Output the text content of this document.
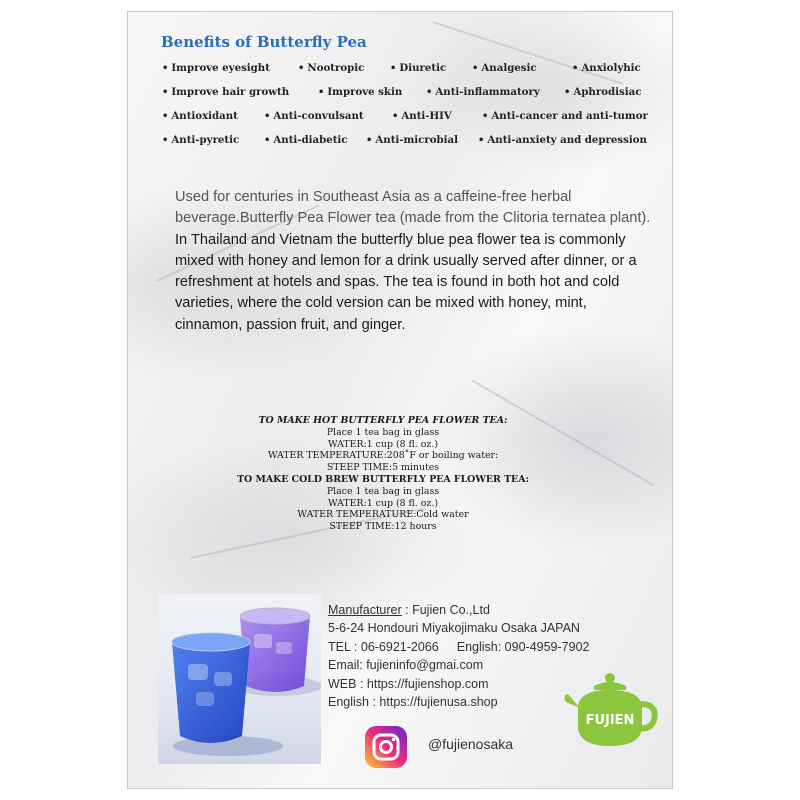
Benefits of Butterfly Pea
• Improve eyesight	• Nootropic	• Diuretic	• Analgesic	• Anxiolyhic
• Improve hair growth	• Improve skin • Anti-inflammatory • Aphrodisiac
• Antioxidant	• Anti-convulsant	• Anti-HIV	• Anti-cancer and anti-tumor
• Anti-pyretic • Anti-diabetic • Anti-microbial • Anti-anxiety and depression

Used for centuries in Southeast Asia as a caffeine-free herbal beverage.Butterfly Pea Flower tea (made from the Clitoria ternatea plant). In Thailand and Vietnam the butterfly blue pea flower tea is commonly mixed with honey and lemon for a drink usually served after dinner, or a refreshment at hotels and spas. The tea is found in both hot and cold varieties, where the cold version can be mixed with honey, mint, cinnamon, passion fruit, and ginger.

TO MAKE HOT BUTTERFLY PEA FLOWER TEA:
Place 1 tea bag in glass
WATER:1 cup (8 fl. oz.)
WATER TEMPERATURE:208˚F or boiling water:
STEEP TIME:5 minutes
TO MAKE COLD BREW BUTTERFLY PEA FLOWER TEA:
Place 1 tea bag in glass
WATER:1 cup (8 fl. oz.)
WATER TEMPERATURE:Cold water
STEEP TIME:12 hours
Manufacturer : Fujien Co.,Ltd
5-6-24 Hondouri Miyakojimaku Osaka JAPAN
TEL : 06-6921-2066 English: 090-4959-7902
Email: fujieninfo@gmai.com
WEB : https://fujienshop.com
English : https://fujienusa.shop
@fujienosaka
FUJIEN
